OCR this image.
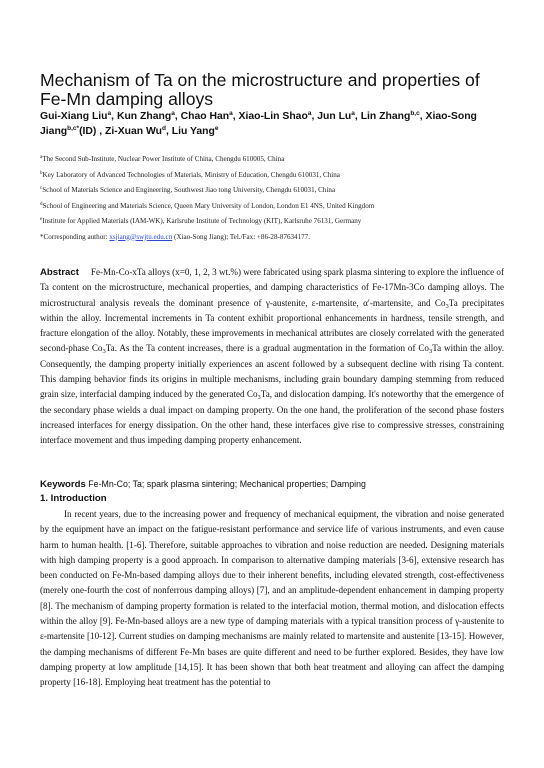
Mechanism of Ta on the microstructure and properties of Fe-Mn damping alloys
Gui-Xiang Liu$^a$, Kun Zhang$^a$, Chao Han$^a$, Xiao-Lin Shao$^a$, Jun Lu$^a$, Lin Zhang$^{b,c}$, Xiao-Song Jiang$^{b,c*}$(ID) , Zi-Xuan Wu$^d$, Liu Yang$^e$
$^a$The Second Sub-Institute, Nuclear Power Institute of China, Chengdu 610005, China
$^b$Key Laboratory of Advanced Technologies of Materials, Ministry of Education, Chengdu 610031, China
$^c$School of Materials Science and Engineering, Southwest Jiao tong University, Chengdu 610031, China
$^d$School of Engineering and Materials Science, Queen Mary University of London, London E1 4NS, United Kingdom
$^e$Institute for Applied Materials (IAM-WK), Karlsruhe Institute of Technology (KIT), Karlsruhe 76131, Germany
*Corresponding author: xsjiang@swjtu.edu.cn (Xiao-Song Jiang); Tel./Fax: +86-28-87634177.
Abstract Fe-Mn-Co-xTa alloys (x=0, 1, 2, 3 wt.%) were fabricated using spark plasma sintering to explore the influence of Ta content on the microstructure, mechanical properties, and damping characteristics of Fe-17Mn-3Co damping alloys. The microstructural analysis reveals the dominant presence of γ-austenite, ε-martensite, α′-martensite, and $Co_3Ta$ precipitates within the alloy. Incremental increments in Ta content exhibit proportional enhancements in hardness, tensile strength, and fracture elongation of the alloy. Notably, these improvements in mechanical attributes are closely correlated with the generated second-phase $Co_3Ta$. As the Ta content increases, there is a gradual augmentation in the formation of $Co_3Ta$ within the alloy. Consequently, the damping property initially experiences an ascent followed by a subsequent decline with rising Ta content. This damping behavior finds its origins in multiple mechanisms, including grain boundary damping stemming from reduced grain size, interfacial damping induced by the generated $Co_3Ta$, and dislocation damping. It's noteworthy that the emergence of the secondary phase wields a dual impact on damping property. On the one hand, the proliferation of the second phase fosters increased interfaces for energy dissipation. On the other hand, these interfaces give rise to compressive stresses, constraining interface movement and thus impeding damping property enhancement.
Keywords Fe-Mn-Co; Ta; spark plasma sintering; Mechanical properties; Damping
1. Introduction
In recent years, due to the increasing power and frequency of mechanical equipment, the vibration and noise generated by the equipment have an impact on the fatigue-resistant performance and service life of various instruments, and even cause harm to human health. [1-6]. Therefore, suitable approaches to vibration and noise reduction are needed. Designing materials with high damping property is a good approach. In comparison to alternative damping materials [3-6], extensive research has been conducted on Fe-Mn-based damping alloys due to their inherent benefits, including elevated strength, cost-effectiveness (merely one-fourth the cost of nonferrous damping alloys) [7], and an amplitude-dependent enhancement in damping property [8]. The mechanism of damping property formation is related to the interfacial motion, thermal motion, and dislocation effects within the alloy [9]. Fe-Mn-based alloys are a new type of damping materials with a typical transition process of γ-austenite to ε-martensite [10-12]. Current studies on damping mechanisms are mainly related to martensite and austenite [13-15]. However, the damping mechanisms of different Fe-Mn bases are quite different and need to be further explored. Besides, they have low damping property at low amplitude [14,15]. It has been shown that both heat treatment and alloying can affect the damping property [16-18]. Employing heat treatment has the potential to
